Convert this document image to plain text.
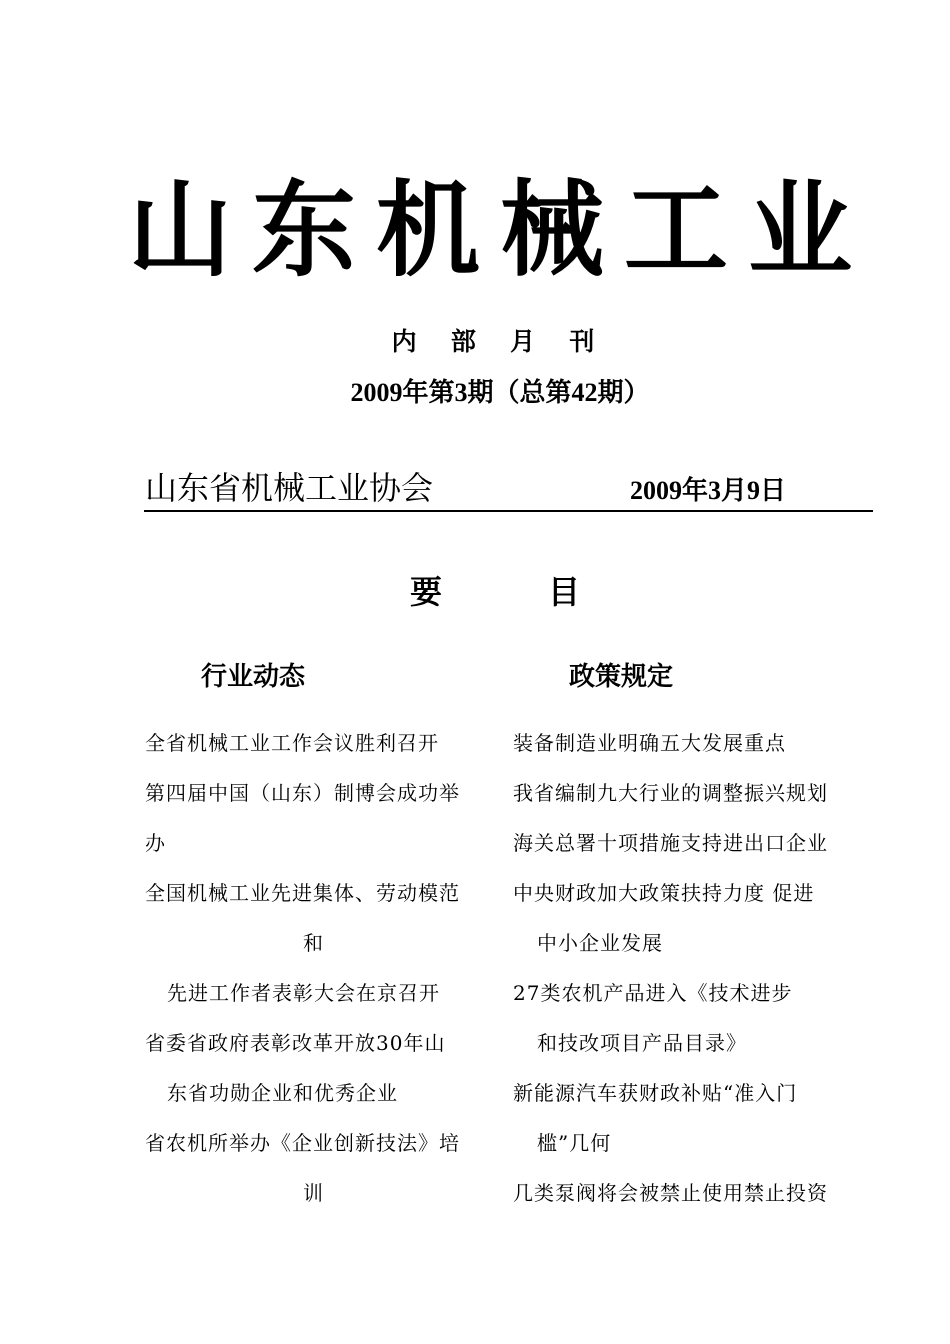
山东机械工业
内 部 月 刊
2009年第3期（总第42期）
山东省机械工业协会	2009年3月9日
要	目
行业动态	政策规定
全省机械工业工作会议胜利召开
第四届中国（山东）制博会成功举
办
全国机械工业先进集体、劳动模范
和
先进工作者表彰大会在京召开
省委省政府表彰改革开放30年山
东省功勋企业和优秀企业
省农机所举办《企业创新技法》培
训
装备制造业明确五大发展重点
我省编制九大行业的调整振兴规划
海关总署十项措施支持进出口企业
中央财政加大政策扶持力度 促进
中小企业发展
27类农机产品进入《技术进步
和技改项目产品目录》
新能源汽车获财政补贴“准入门
槛”几何
几类泵阀将会被禁止使用禁止投资
